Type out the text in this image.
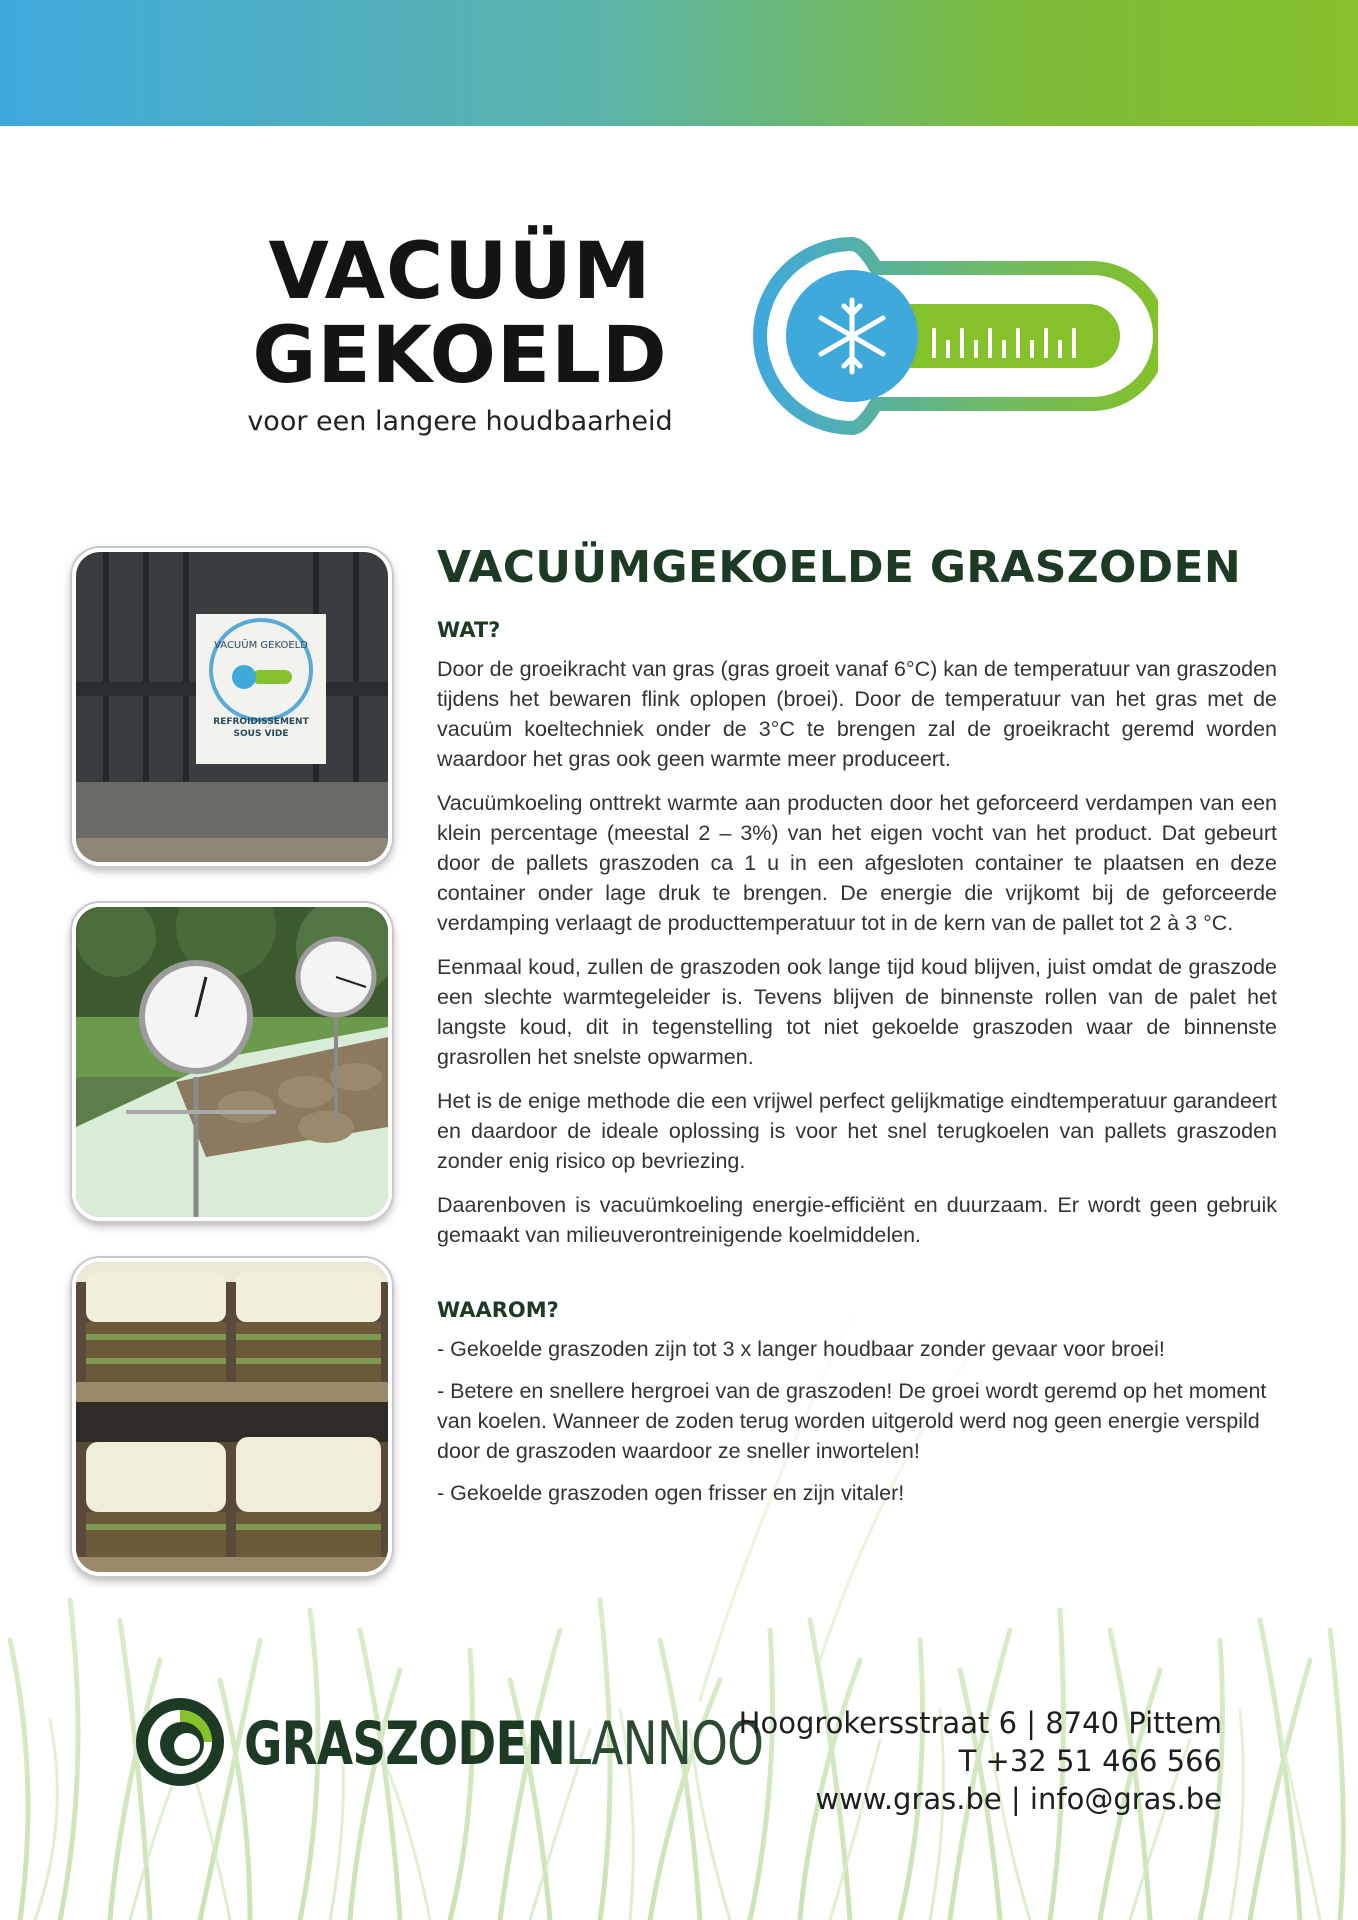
VACUÜM
GEKOELD
voor een langere houdbaarheid
VACUÜM GEKOELD
REFROIDISSEMENT
SOUS VIDE
VACUÜMGEKOELDE GRASZODEN
WAT?

Door de groeikracht van gras (gras groeit vanaf 6°C) kan de temperatuur van graszoden tijdens het bewaren flink oplopen (broei). Door de temperatuur van het gras met de vacuüm koeltechniek onder de 3°C te brengen zal de groeikracht geremd worden waardoor het gras ook geen warmte meer produceert.

Vacuümkoeling onttrekt warmte aan producten door het geforceerd verdampen van een klein percentage (meestal 2 – 3%) van het eigen vocht van het product. Dat gebeurt door de pallets graszoden ca 1 u in een afgesloten container te plaatsen en deze container onder lage druk te brengen. De energie die vrijkomt bij de geforceerde verdamping verlaagt de producttemperatuur tot in de kern van de pallet tot 2 à 3 °C.

Eenmaal koud, zullen de graszoden ook lange tijd koud blijven, juist omdat de graszode een slechte warmtegeleider is. Tevens blijven de binnenste rollen van de palet het langste koud, dit in tegenstelling tot niet gekoelde graszoden waar de binnenste grasrollen het snelste opwarmen.

Het is de enige methode die een vrijwel perfect gelijkmatige eindtemperatuur garandeert en daardoor de ideale oplossing is voor het snel terugkoelen van pallets graszoden zonder enig risico op bevriezing.

Daarenboven is vacuümkoeling energie-efficiënt en duurzaam. Er wordt geen gebruik gemaakt van milieuverontreinigende koelmiddelen.

WAAROM?

- Gekoelde graszoden zijn tot 3 x langer houdbaar zonder gevaar voor broei!

- Betere en snellere hergroei van de graszoden! De groei wordt geremd op het moment van koelen. Wanneer de zoden terug worden uitgerold werd nog geen energie verspild door de graszoden waardoor ze sneller inwortelen!

- Gekoelde graszoden ogen frisser en zijn vitaler!

GRASZODENLANNOO
Hoogrokersstraat 6 | 8740 Pittem
T +32 51 466 566
www.gras.be | info@gras.be
